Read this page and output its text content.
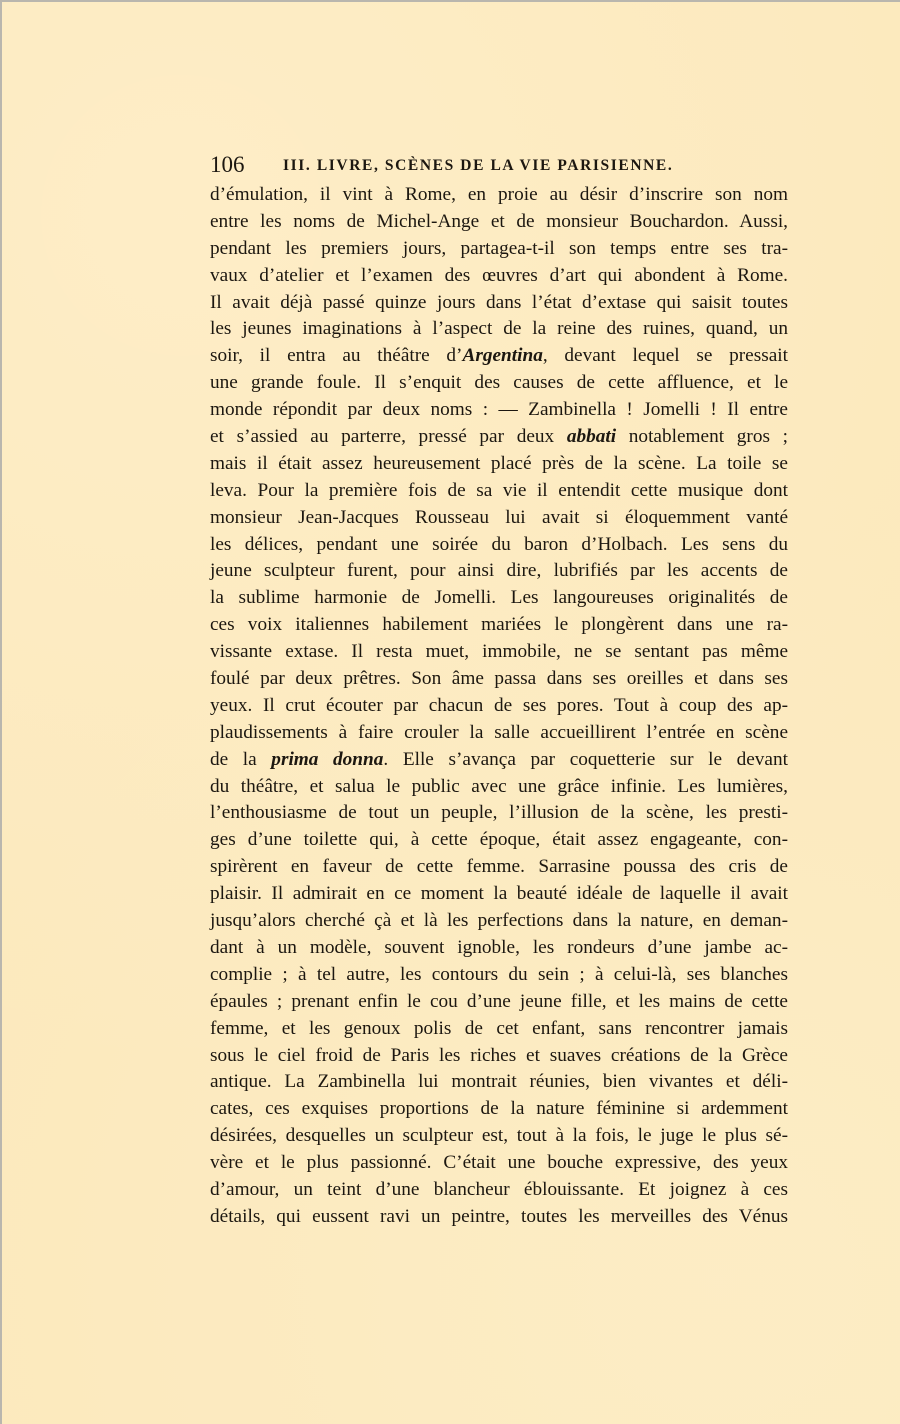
106 III. LIVRE, SCÈNES DE LA VIE PARISIENNE.
d’émulation, il vint à Rome, en proie au désir d’inscrire son nom
entre les noms de Michel-Ange et de monsieur Bouchardon. Aussi,
pendant les premiers jours, partagea-t-il son temps entre ses tra-
vaux d’atelier et l’examen des œuvres d’art qui abondent à Rome.
Il avait déjà passé quinze jours dans l’état d’extase qui saisit toutes
les jeunes imaginations à l’aspect de la reine des ruines, quand, un
soir, il entra au théâtre d’Argentina, devant lequel se pressait
une grande foule. Il s’enquit des causes de cette affluence, et le
monde répondit par deux noms : — Zambinella ! Jomelli ! Il entre
et s’assied au parterre, pressé par deux abbati notablement gros ;
mais il était assez heureusement placé près de la scène. La toile se
leva. Pour la première fois de sa vie il entendit cette musique dont
monsieur Jean-Jacques Rousseau lui avait si éloquemment vanté
les délices, pendant une soirée du baron d’Holbach. Les sens du
jeune sculpteur furent, pour ainsi dire, lubrifiés par les accents de
la sublime harmonie de Jomelli. Les langoureuses originalités de
ces voix italiennes habilement mariées le plongèrent dans une ra-
vissante extase. Il resta muet, immobile, ne se sentant pas même
foulé par deux prêtres. Son âme passa dans ses oreilles et dans ses
yeux. Il crut écouter par chacun de ses pores. Tout à coup des ap-
plaudissements à faire crouler la salle accueillirent l’entrée en scène
de la prima donna. Elle s’avança par coquetterie sur le devant
du théâtre, et salua le public avec une grâce infinie. Les lumières,
l’enthousiasme de tout un peuple, l’illusion de la scène, les presti-
ges d’une toilette qui, à cette époque, était assez engageante, con-
spirèrent en faveur de cette femme. Sarrasine poussa des cris de
plaisir. Il admirait en ce moment la beauté idéale de laquelle il avait
jusqu’alors cherché çà et là les perfections dans la nature, en deman-
dant à un modèle, souvent ignoble, les rondeurs d’une jambe ac-
complie ; à tel autre, les contours du sein ; à celui-là, ses blanches
épaules ; prenant enfin le cou d’une jeune fille, et les mains de cette
femme, et les genoux polis de cet enfant, sans rencontrer jamais
sous le ciel froid de Paris les riches et suaves créations de la Grèce
antique. La Zambinella lui montrait réunies, bien vivantes et déli-
cates, ces exquises proportions de la nature féminine si ardemment
désirées, desquelles un sculpteur est, tout à la fois, le juge le plus sé-
vère et le plus passionné. C’était une bouche expressive, des yeux
d’amour, un teint d’une blancheur éblouissante. Et joignez à ces
détails, qui eussent ravi un peintre, toutes les merveilles des Vénus
